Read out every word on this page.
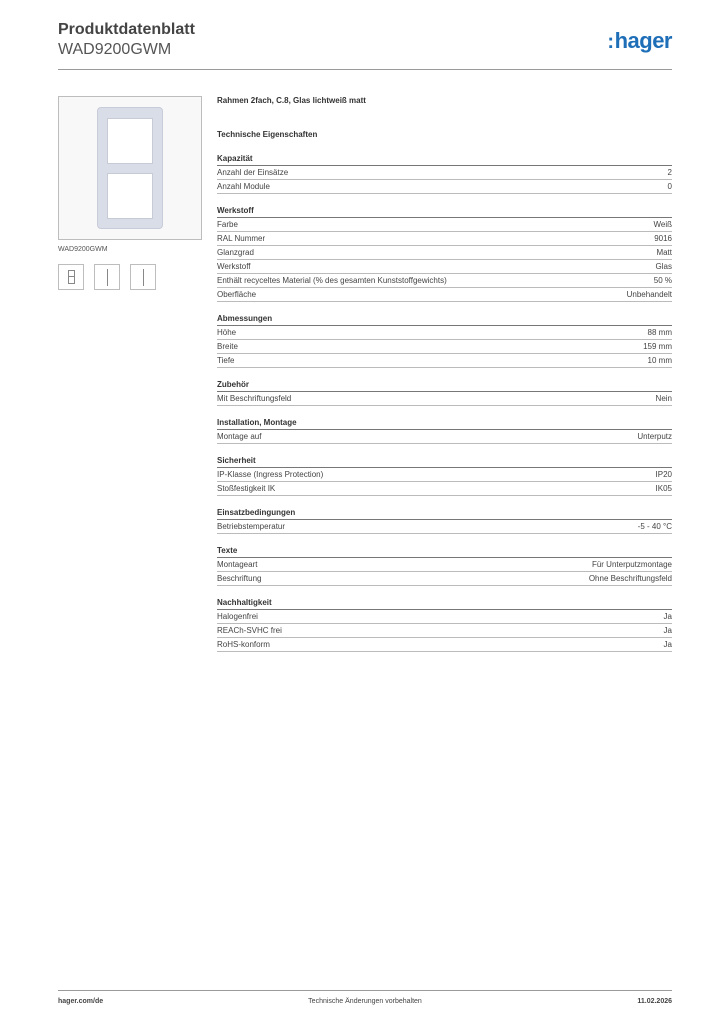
Produktdatenblatt
WAD9200GWM	:hager
WAD9200GWM
Rahmen 2fach, C.8, Glas lichtweiß matt
Technische Eigenschaften
Kapazität
Anzahl der Einsätze	2
Anzahl Module	0
Werkstoff
Farbe	Weiß
RAL Nummer	9016
Glanzgrad	Matt
Werkstoff	Glas
Enthält recyceltes Material (% des gesamten Kunststoffgewichts)	50 %
Oberfläche	Unbehandelt
Abmessungen
Höhe	88 mm
Breite	159 mm
Tiefe	10 mm
Zubehör
Mit Beschriftungsfeld	Nein
Installation, Montage
Montage auf	Unterputz
Sicherheit
IP-Klasse (Ingress Protection)	IP20
Stoßfestigkeit IK	IK05
Einsatzbedingungen
Betriebstemperatur	-5 - 40 °C
Texte
Montageart	Für Unterputzmontage
Beschriftung	Ohne Beschriftungsfeld
Nachhaltigkeit
Halogenfrei	Ja
REACh-SVHC frei	Ja
RoHS-konform	Ja
hager.com/de	Technische Änderungen vorbehalten	11.02.2026
